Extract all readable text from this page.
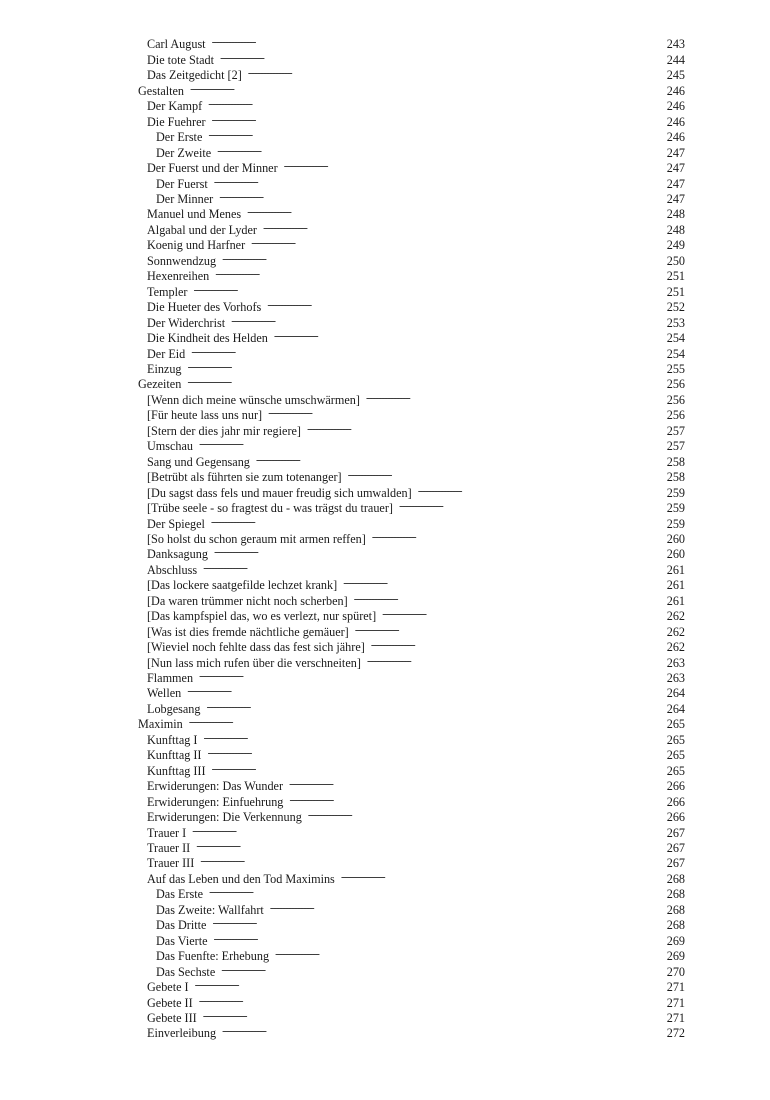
Carl August . . .	243
Die tote Stadt . . .	244
Das Zeitgedicht [2] . . .	245
Gestalten . . .	246
Der Kampf . . .	246
Die Fuehrer . . .	246
Der Erste . . .	246
Der Zweite . . .	247
Der Fuerst und der Minner . . .	247
Der Fuerst . . .	247
Der Minner . . .	247
Manuel und Menes . . .	248
Algabal und der Lyder . . .	248
Koenig und Harfner . . .	249
Sonnwendzug . . .	250
Hexenreihen . . .	251
Templer . . .	251
Die Hueter des Vorhofs . . .	252
Der Widerchrist . . .	253
Die Kindheit des Helden . . .	254
Der Eid . . .	254
Einzug . . .	255
Gezeiten . . .	256
[Wenn dich meine wünsche umschwärmen] . . .	256
[Für heute lass uns nur] . . .	256
[Stern der dies jahr mir regiere] . . .	257
Umschau . . .	257
Sang und Gegensang . . .	258
[Betrübt als führten sie zum totenanger] . . .	258
[Du sagst dass fels und mauer freudig sich umwalden] . . .	259
[Trübe seele - so fragtest du - was trägst du trauer] . . .	259
Der Spiegel . . .	259
[So holst du schon geraum mit armen reffen] . . .	260
Danksagung . . .	260
Abschluss . . .	261
[Das lockere saatgefilde lechzet krank] . . .	261
[Da waren trümmer nicht noch scherben] . . .	261
[Das kampfspiel das, wo es verlezt, nur spüret] . . .	262
[Was ist dies fremde nächtliche gemäuer] . . .	262
[Wieviel noch fehlte dass das fest sich jähre] . . .	262
[Nun lass mich rufen über die verschneiten] . . .	263
Flammen . . .	263
Wellen . . .	264
Lobgesang . . .	264
Maximin . . .	265
Kunfttag I . . .	265
Kunfttag II . . .	265
Kunfttag III . . .	265
Erwiderungen: Das Wunder . . .	266
Erwiderungen: Einfuehrung . . .	266
Erwiderungen: Die Verkennung . . .	266
Trauer I . . .	267
Trauer II . . .	267
Trauer III . . .	267
Auf das Leben und den Tod Maximins . . .	268
Das Erste . . .	268
Das Zweite: Wallfahrt . . .	268
Das Dritte . . .	268
Das Vierte . . .	269
Das Fuenfte: Erhebung . . .	269
Das Sechste . . .	270
Gebete I . . .	271
Gebete II . . .	271
Gebete III . . .	271
Einverleibung . . .	272
